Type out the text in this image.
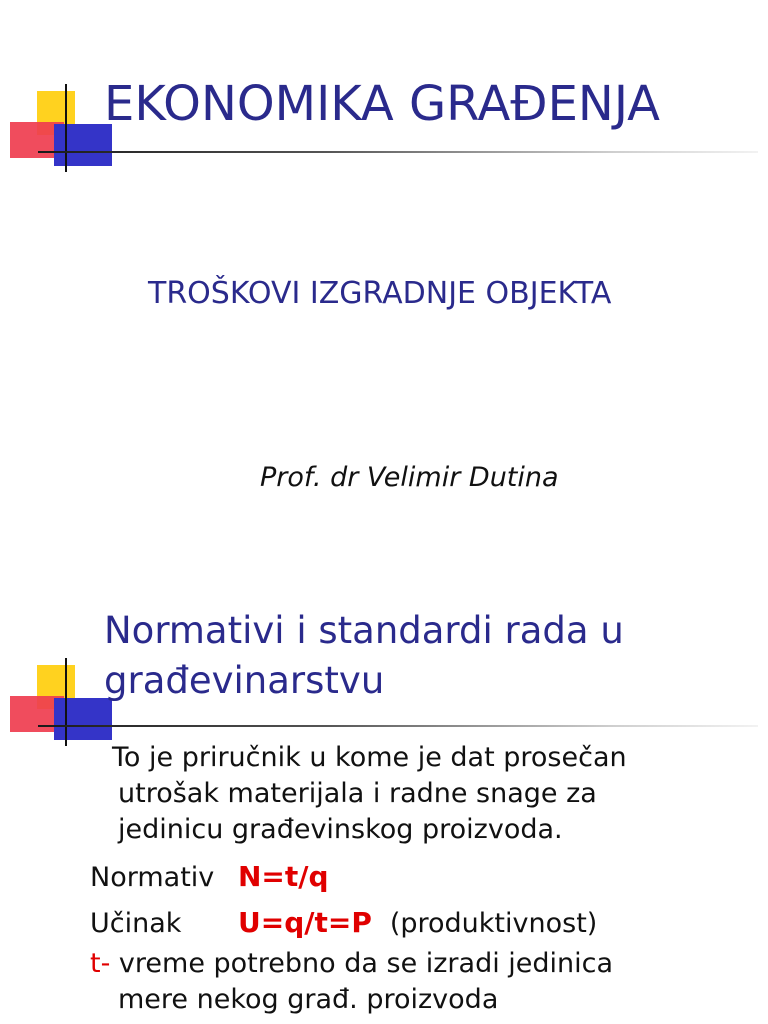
EKONOMIKA GRAĐENJA
TROŠKOVI IZGRADNJE OBJEKTA
Prof. dr Velimir Dutina
Normativi i standardi rada u
građevinarstvu
To je priručnik u kome je dat prosečan
utrošak materijala i radne snage za
jedinicu građevinskog proizvoda.
Normativ N=t/q
Učinak U=q/t=P (produktivnost)
t- vreme potrebno da se izradi jedinica
mere nekog građ. proizvoda
